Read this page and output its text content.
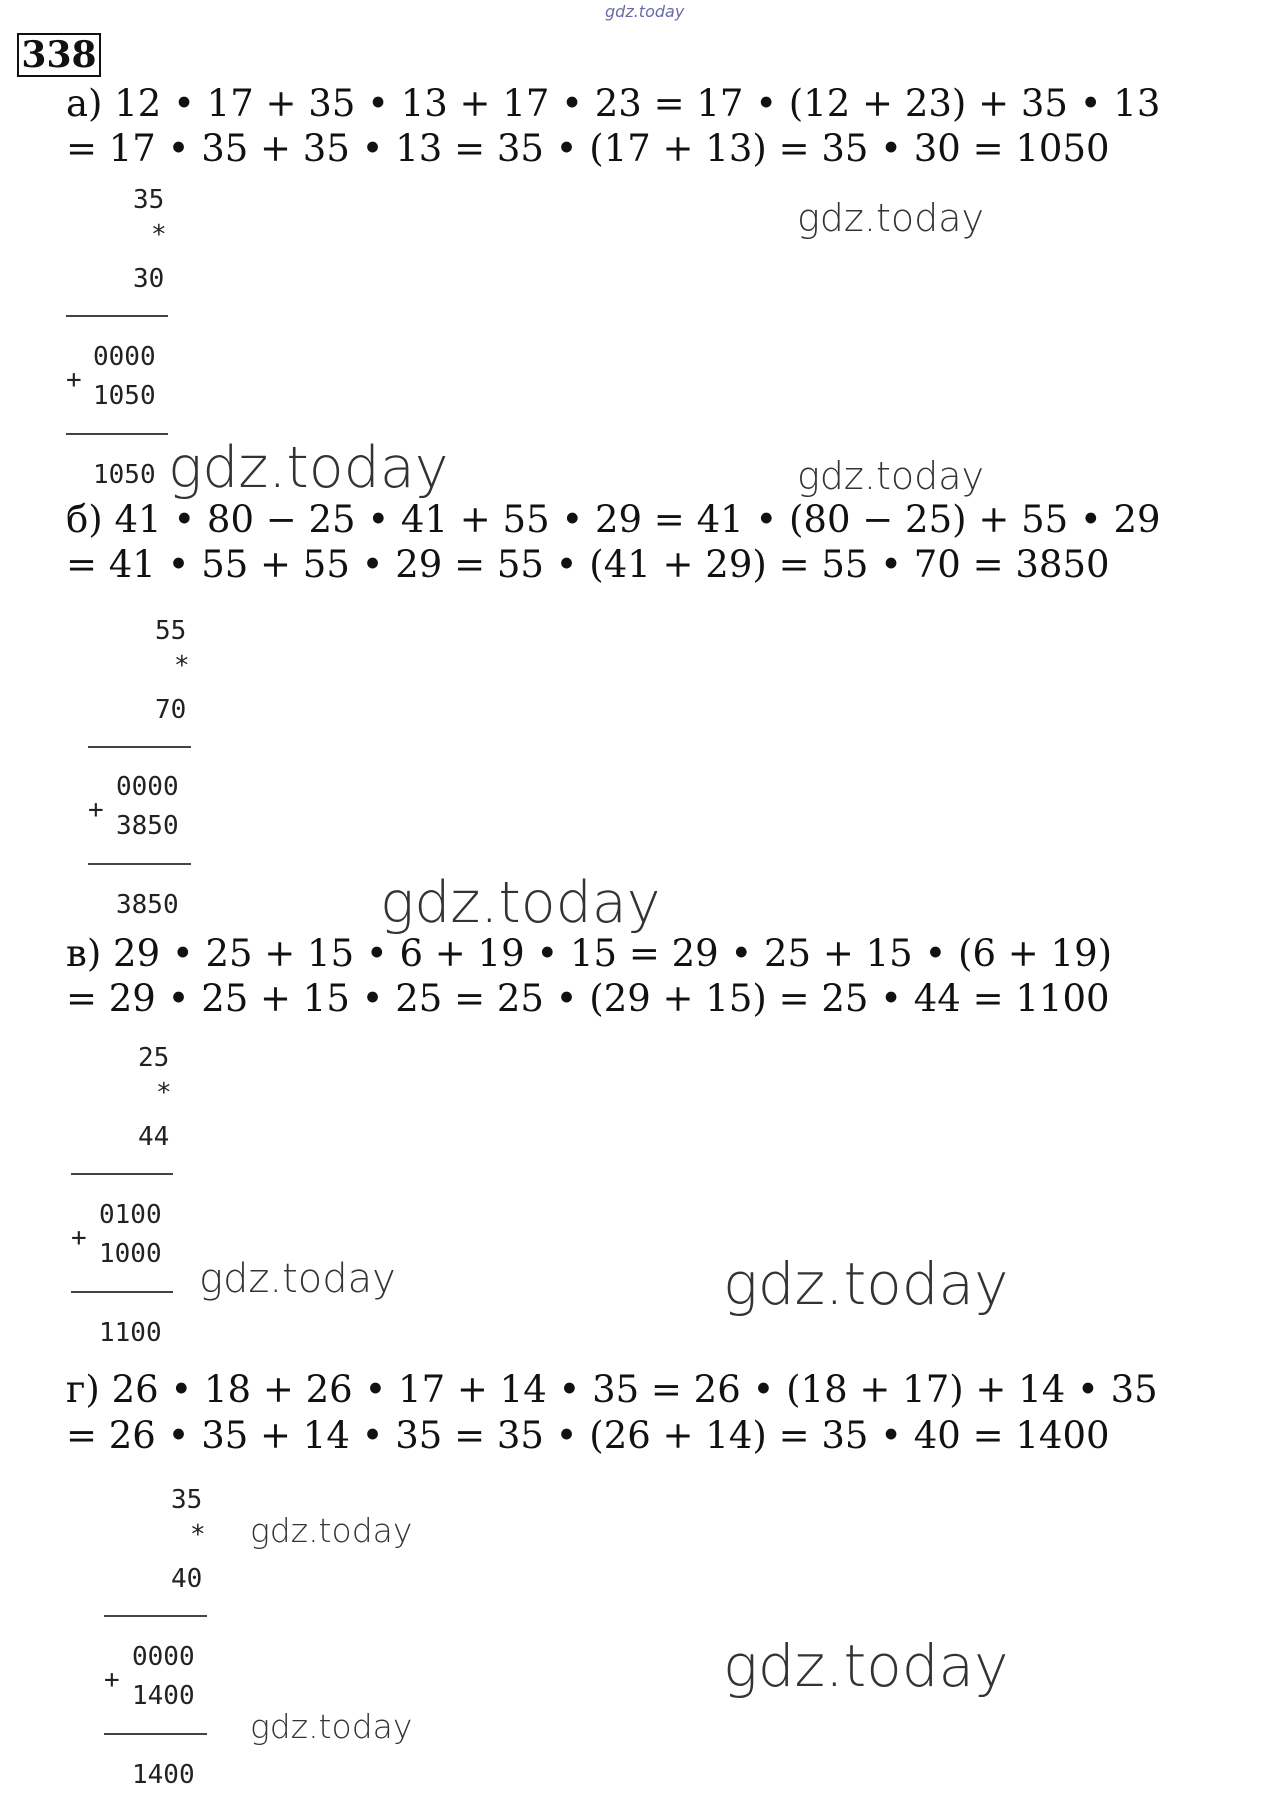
gdz.today
338
а) 12 • 17 + 35 • 13 + 17 • 23 = 17 • (12 + 23) + 35 • 13
= 17 • 35 + 35 • 13 = 35 • (17 + 13) = 35 • 30 = 1050
35
*
30
+
0000
1050
1050
gdz.today
gdz.today	gdz.today
б) 41 • 80 − 25 • 41 + 55 • 29 = 41 • (80 − 25) + 55 • 29
= 41 • 55 + 55 • 29 = 55 • (41 + 29) = 55 • 70 = 3850
55
*
70
+
0000
3850
3850	gdz.today
в) 29 • 25 + 15 • 6 + 19 • 15 = 29 • 25 + 15 • (6 + 19)
= 29 • 25 + 15 • 25 = 25 • (29 + 15) = 25 • 44 = 1100
25
*
44
+
0100
1000
1100
gdz.today	gdz.today
г) 26 • 18 + 26 • 17 + 14 • 35 = 26 • (18 + 17) + 14 • 35
= 26 • 35 + 14 • 35 = 35 • (26 + 14) = 35 • 40 = 1400
35
*
40
+
0000
1400
1400
gdz.today
gdz.today
gdz.today
